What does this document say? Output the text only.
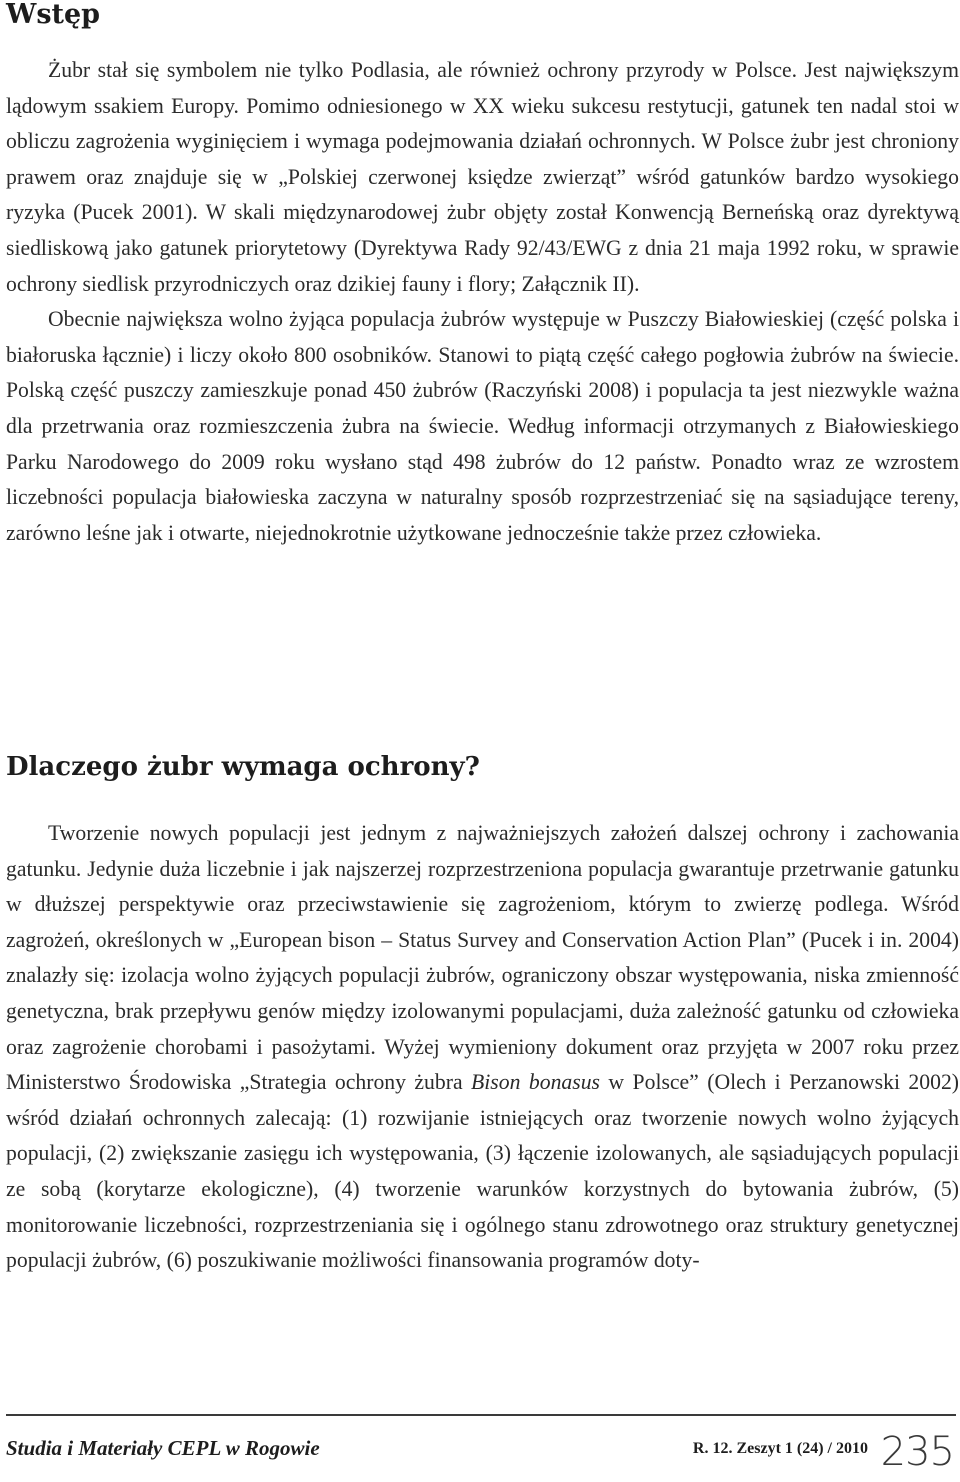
Wstęp

Żubr stał się symbolem nie tylko Podlasia, ale również ochrony przyrody w Polsce. Jest największym lądowym ssakiem Europy. Pomimo odniesionego w XX wieku sukcesu restytucji, gatunek ten nadal stoi w obliczu zagrożenia wyginięciem i wymaga podejmowania działań ochronnych. W Polsce żubr jest chroniony prawem oraz znajduje się w „Polskiej czerwonej księdze zwierząt” wśród gatunków bardzo wysokiego ryzyka (Pucek 2001). W skali międzynarodowej żubr objęty został Konwencją Berneńską oraz dyrektywą siedliskową jako gatunek priorytetowy (Dyrektywa Rady 92/43/EWG z dnia 21 maja 1992 roku, w sprawie ochrony siedlisk przyrodniczych oraz dzikiej fauny i flory; Załącznik II).

Obecnie największa wolno żyjąca populacja żubrów występuje w Puszczy Białowieskiej (część polska i białoruska łącznie) i liczy około 800 osobników. Stanowi to piątą część całego pogłowia żubrów na świecie. Polską część puszczy zamieszkuje ponad 450 żubrów (Raczyński 2008) i populacja ta jest niezwykle ważna dla przetrwania oraz rozmieszczenia żubra na świecie. Według informacji otrzymanych z Białowieskiego Parku Narodowego do 2009 roku wysłano stąd 498 żubrów do 12 państw. Ponadto wraz ze wzrostem liczebności populacja białowieska zaczyna w naturalny sposób rozprzestrzeniać się na sąsiadujące tereny, zarówno leśne jak i otwarte, niejednokrotnie użytkowane jednocześnie także przez człowieka.

Dlaczego żubr wymaga ochrony?

Tworzenie nowych populacji jest jednym z najważniejszych założeń dalszej ochrony i zachowania gatunku. Jedynie duża liczebnie i jak najszerzej rozprzestrzeniona populacja gwarantuje przetrwanie gatunku w dłuższej perspektywie oraz przeciwstawienie się zagrożeniom, którym to zwierzę podlega. Wśród zagrożeń, określonych w „European bison – Status Survey and Conservation Action Plan” (Pucek i in. 2004) znalazły się: izolacja wolno żyjących populacji żubrów, ograniczony obszar występowania, niska zmienność genetyczna, brak przepływu genów między izolowanymi populacjami, duża zależność gatunku od człowieka oraz zagrożenie chorobami i pasożytami. Wyżej wymieniony dokument oraz przyjęta w 2007 roku przez Ministerstwo Środowiska „Strategia ochrony żubra Bison bonasus w Polsce” (Olech i Perzanowski 2002) wśród działań ochronnych zalecają: (1) rozwijanie istniejących oraz tworzenie nowych wolno żyjących populacji, (2) zwiększanie zasięgu ich występowania, (3) łączenie izolowanych, ale sąsiadujących populacji ze sobą (korytarze ekologiczne), (4) tworzenie warunków korzystnych do bytowania żubrów, (5) monitorowanie liczebności, rozprzestrzeniania się i ogólnego stanu zdrowotnego oraz struktury genetycznej populacji żubrów, (6) poszukiwanie możliwości finansowania programów doty-

Studia i Materiały CEPL w Rogowie	R. 12. Zeszyt 1 (24) / 2010 235
